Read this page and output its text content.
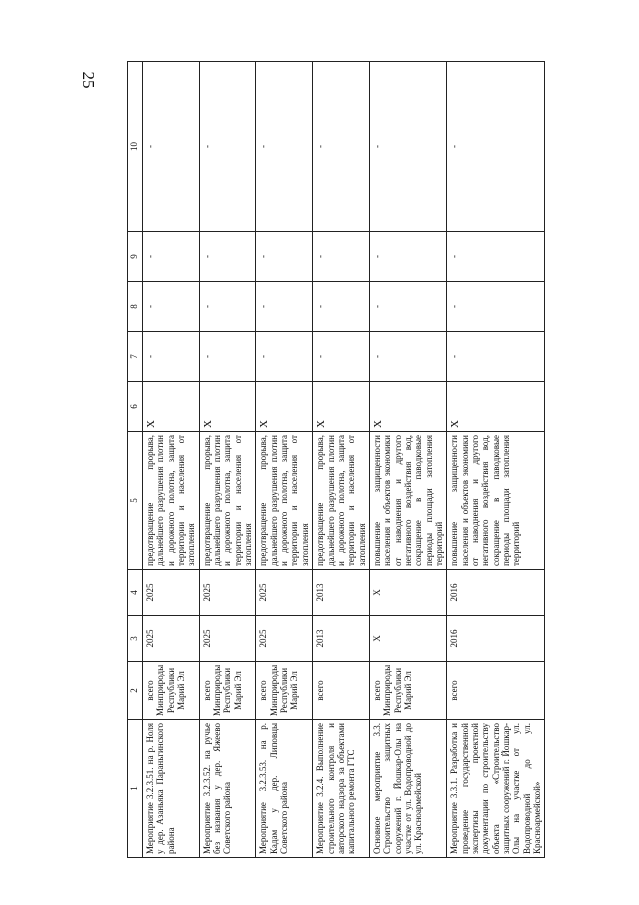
25
1	2	3	4	5	6	7	8	9	10
Мероприятие 3.2.3.51. на р. Ноля у дер. Азаньяка Параньгинского района	всего Минприроды Республики Марий Эл	2025	2025	предотвращение прорыва, дальнейшего разрушения плотин и дорожного полотна, защита территории и населения от затопления	Х	-	-	-	-
Мероприятие 3.2.3.52. на ручье без названия у дер. Яжеево Советского района	всего Минприроды Республики Марий Эл	2025	2025	предотвращение прорыва, дальнейшего разрушения плотин и дорожного полотна, защита территории и населения от затопления	Х	-	-	-	-
Мероприятие 3.2.3.53. на р. Кадам у дер. Липовцы Советского района	всего Минприроды Республики Марий Эл	2025	2025	предотвращение прорыва, дальнейшего разрушения плотин и дорожного полотна, защита территории и населения от затопления	Х	-	-	-	-
Мероприятие 3.2.4. Выполнение строительного контроля и авторского надзора за объектами капитального ремонта ГТС	всего	2013	2013	предотвращение прорыва, дальнейшего разрушения плотин и дорожного полотна, защита территории и населения от затопления	Х	-	-	-	-
Основное мероприятие 3.3. Строительство защитных сооружений г. Йошкар-Олы на участке от ул. Водопроводной до ул. Красноармейской	всего Минприроды Республики Марий Эл	Х	Х	повышение защищенности населения и объектов экономики от наводнения и другого негативного воздействия вод, сокращение в паводковые периоды площади затопления территорий	Х	-	-	-	-
Мероприятие 3.3.1. Разработка и проведение государственной экспертизы проектной документации по строительству объекта «Строительство защитных сооружений г. Йошкар-Олы на участке от ул. Водопроводной до ул. Красноармейской»	всего	2016	2016	повышение защищенности населения и объектов экономики от наводнения и другого негативного воздействия вод, сокращение в паводковые периоды площади затопления территорий	Х	-	-	-	-
